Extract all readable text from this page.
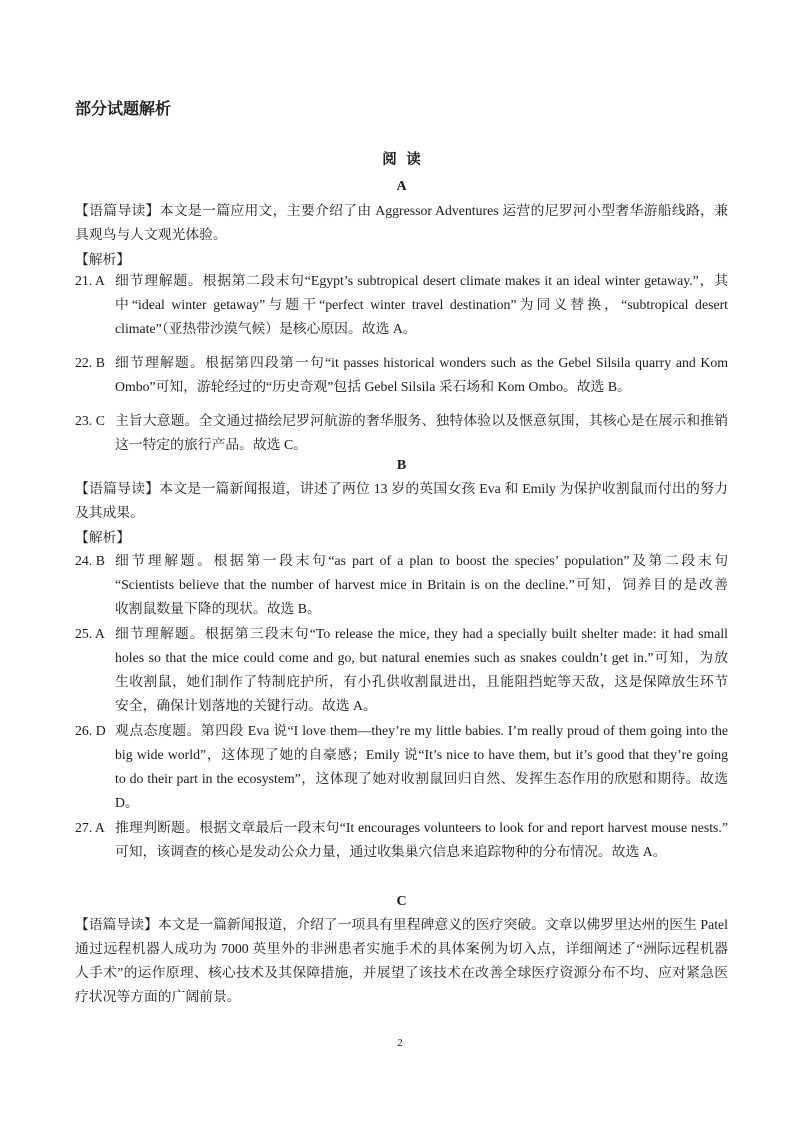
部分试题解析
阅 读
A
【语篇导读】本文是一篇应用文，主要介绍了由 Aggressor Adventures 运营的尼罗河小型奢华游船线路，兼
具观鸟与人文观光体验。
【解析】
21. A 细节理解题。根据第二段末句“Egypt’s subtropical desert climate makes it an ideal winter getaway.”，其
中“ideal winter getaway”与题干“perfect winter travel destination”为同义替换，“subtropical desert
climate”（亚热带沙漠气候）是核心原因。故选 A。
22. B 细节理解题。根据第四段第一句“it passes historical wonders such as the Gebel Silsila quarry and Kom
Ombo”可知，游轮经过的“历史奇观”包括 Gebel Silsila 采石场和 Kom Ombo。故选 B。
23. C 主旨大意题。全文通过描绘尼罗河航游的奢华服务、独特体验以及惬意氛围，其核心是在展示和推销
这一特定的旅行产品。故选 C。
B
【语篇导读】本文是一篇新闻报道，讲述了两位 13 岁的英国女孩 Eva 和 Emily 为保护收割鼠而付出的努力
及其成果。
【解析】
24. B 细节理解题。根据第一段末句“as part of a plan to boost the species’ population”及第二段末句
“Scientists believe that the number of harvest mice in Britain is on the decline.”可知，饲养目的是改善
收割鼠数量下降的现状。故选 B。
25. A 细节理解题。根据第三段末句“To release the mice, they had a specially built shelter made: it had small
holes so that the mice could come and go, but natural enemies such as snakes couldn’t get in.”可知，为放
生收割鼠，她们制作了特制庇护所，有小孔供收割鼠进出，且能阻挡蛇等天敌，这是保障放生环节
安全，确保计划落地的关键行动。故选 A。
26. D 观点态度题。第四段 Eva 说“I love them—they’re my little babies. I’m really proud of them going into the
big wide world”，这体现了她的自豪感；Emily 说“It’s nice to have them, but it’s good that they’re going
to do their part in the ecosystem”，这体现了她对收割鼠回归自然、发挥生态作用的欣慰和期待。故选
D。
27. A 推理判断题。根据文章最后一段末句“It encourages volunteers to look for and report harvest mouse nests.”
可知，该调查的核心是发动公众力量，通过收集巢穴信息来追踪物种的分布情况。故选 A。
C
【语篇导读】本文是一篇新闻报道，介绍了一项具有里程碑意义的医疗突破。文章以佛罗里达州的医生 Patel
通过远程机器人成功为 7000 英里外的非洲患者实施手术的具体案例为切入点，详细阐述了“洲际远程机器
人手术”的运作原理、核心技术及其保障措施，并展望了该技术在改善全球医疗资源分布不均、应对紧急医
疗状况等方面的广阔前景。
2
